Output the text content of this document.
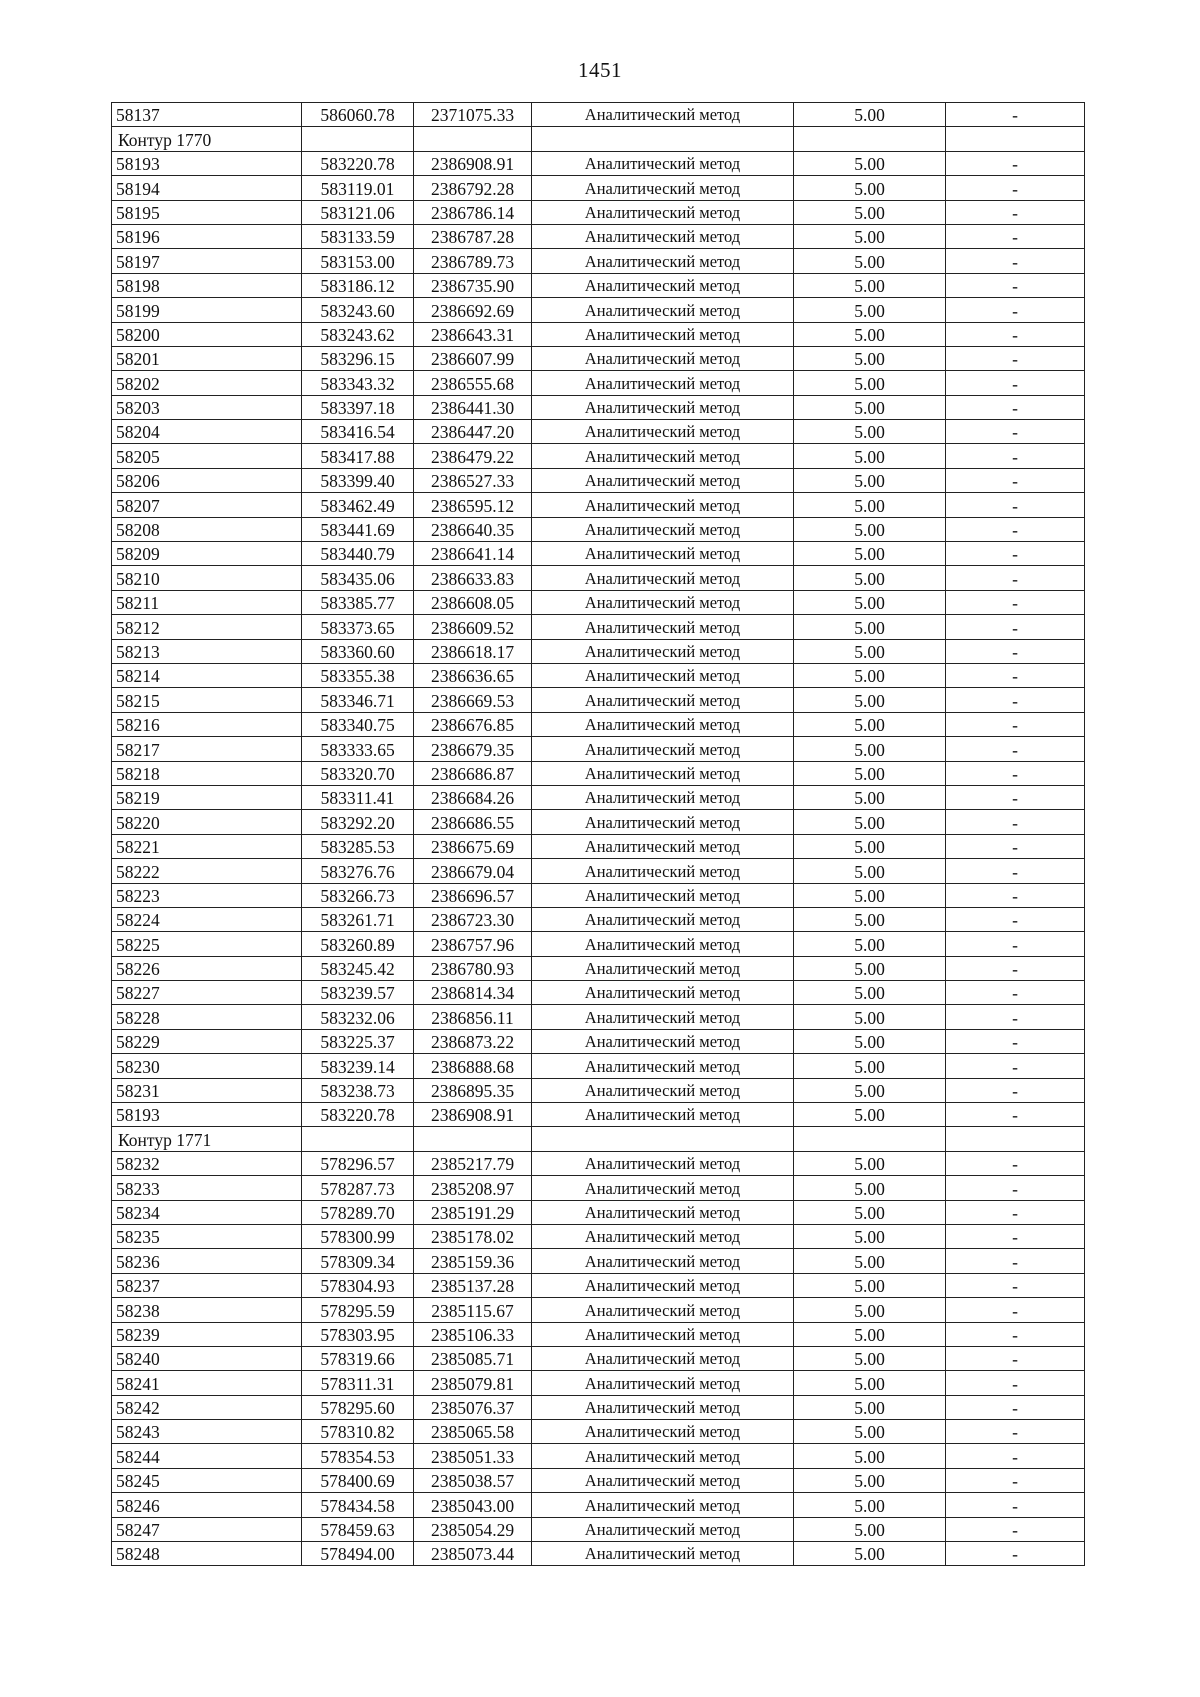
1451
58137	586060.78	2371075.33	Аналитический метод	5.00	-
Контур 1770					
58193	583220.78	2386908.91	Аналитический метод	5.00	-
58194	583119.01	2386792.28	Аналитический метод	5.00	-
58195	583121.06	2386786.14	Аналитический метод	5.00	-
58196	583133.59	2386787.28	Аналитический метод	5.00	-
58197	583153.00	2386789.73	Аналитический метод	5.00	-
58198	583186.12	2386735.90	Аналитический метод	5.00	-
58199	583243.60	2386692.69	Аналитический метод	5.00	-
58200	583243.62	2386643.31	Аналитический метод	5.00	-
58201	583296.15	2386607.99	Аналитический метод	5.00	-
58202	583343.32	2386555.68	Аналитический метод	5.00	-
58203	583397.18	2386441.30	Аналитический метод	5.00	-
58204	583416.54	2386447.20	Аналитический метод	5.00	-
58205	583417.88	2386479.22	Аналитический метод	5.00	-
58206	583399.40	2386527.33	Аналитический метод	5.00	-
58207	583462.49	2386595.12	Аналитический метод	5.00	-
58208	583441.69	2386640.35	Аналитический метод	5.00	-
58209	583440.79	2386641.14	Аналитический метод	5.00	-
58210	583435.06	2386633.83	Аналитический метод	5.00	-
58211	583385.77	2386608.05	Аналитический метод	5.00	-
58212	583373.65	2386609.52	Аналитический метод	5.00	-
58213	583360.60	2386618.17	Аналитический метод	5.00	-
58214	583355.38	2386636.65	Аналитический метод	5.00	-
58215	583346.71	2386669.53	Аналитический метод	5.00	-
58216	583340.75	2386676.85	Аналитический метод	5.00	-
58217	583333.65	2386679.35	Аналитический метод	5.00	-
58218	583320.70	2386686.87	Аналитический метод	5.00	-
58219	583311.41	2386684.26	Аналитический метод	5.00	-
58220	583292.20	2386686.55	Аналитический метод	5.00	-
58221	583285.53	2386675.69	Аналитический метод	5.00	-
58222	583276.76	2386679.04	Аналитический метод	5.00	-
58223	583266.73	2386696.57	Аналитический метод	5.00	-
58224	583261.71	2386723.30	Аналитический метод	5.00	-
58225	583260.89	2386757.96	Аналитический метод	5.00	-
58226	583245.42	2386780.93	Аналитический метод	5.00	-
58227	583239.57	2386814.34	Аналитический метод	5.00	-
58228	583232.06	2386856.11	Аналитический метод	5.00	-
58229	583225.37	2386873.22	Аналитический метод	5.00	-
58230	583239.14	2386888.68	Аналитический метод	5.00	-
58231	583238.73	2386895.35	Аналитический метод	5.00	-
58193	583220.78	2386908.91	Аналитический метод	5.00	-
Контур 1771					
58232	578296.57	2385217.79	Аналитический метод	5.00	-
58233	578287.73	2385208.97	Аналитический метод	5.00	-
58234	578289.70	2385191.29	Аналитический метод	5.00	-
58235	578300.99	2385178.02	Аналитический метод	5.00	-
58236	578309.34	2385159.36	Аналитический метод	5.00	-
58237	578304.93	2385137.28	Аналитический метод	5.00	-
58238	578295.59	2385115.67	Аналитический метод	5.00	-
58239	578303.95	2385106.33	Аналитический метод	5.00	-
58240	578319.66	2385085.71	Аналитический метод	5.00	-
58241	578311.31	2385079.81	Аналитический метод	5.00	-
58242	578295.60	2385076.37	Аналитический метод	5.00	-
58243	578310.82	2385065.58	Аналитический метод	5.00	-
58244	578354.53	2385051.33	Аналитический метод	5.00	-
58245	578400.69	2385038.57	Аналитический метод	5.00	-
58246	578434.58	2385043.00	Аналитический метод	5.00	-
58247	578459.63	2385054.29	Аналитический метод	5.00	-
58248	578494.00	2385073.44	Аналитический метод	5.00	-
